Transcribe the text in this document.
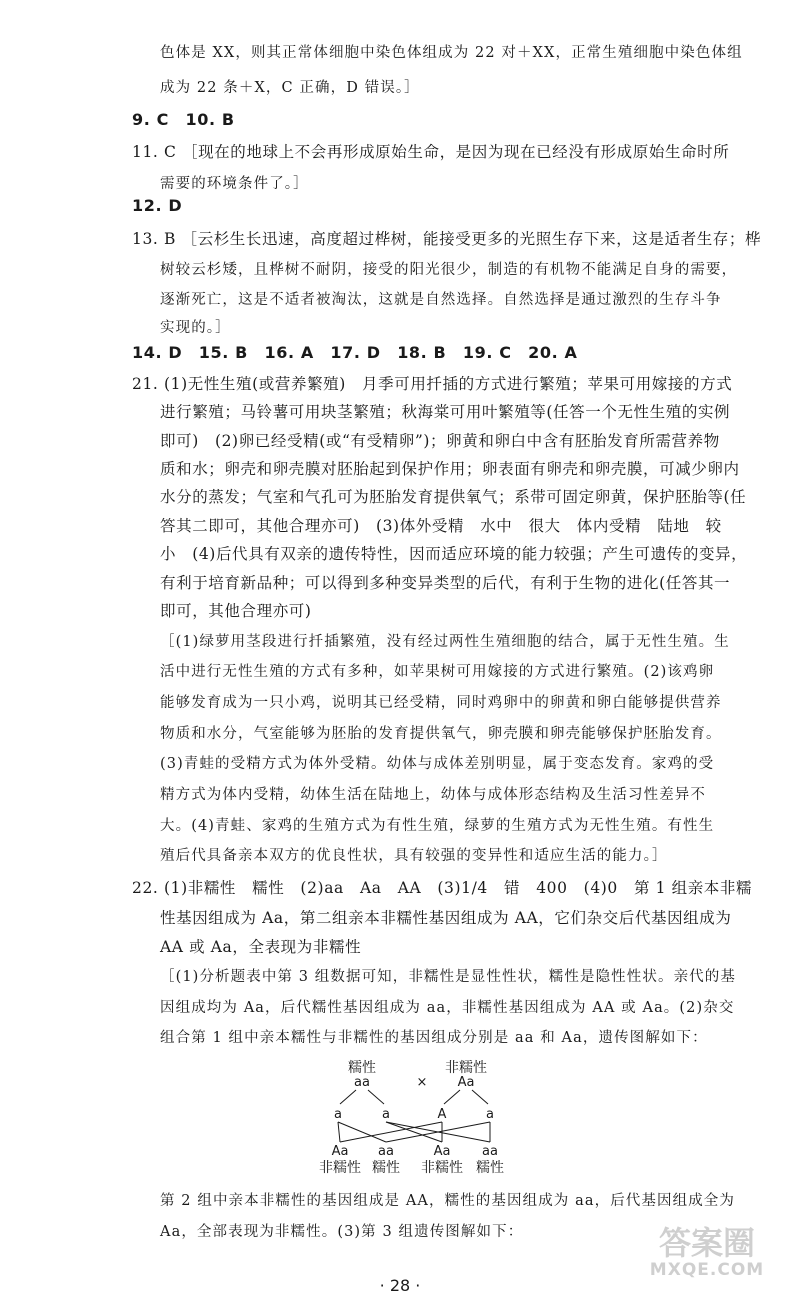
色体是 XX，则其正常体细胞中染色体组成为 22 对＋XX，正常生殖细胞中染色体组
成为 22 条＋X，C 正确，D 错误。］
9. C　10. B
11. C ［现在的地球上不会再形成原始生命，是因为现在已经没有形成原始生命时所
需要的环境条件了。］
12. D
13. B ［云杉生长迅速，高度超过桦树，能接受更多的光照生存下来，这是适者生存；桦
树较云杉矮，且桦树不耐阴，接受的阳光很少，制造的有机物不能满足自身的需要，
逐渐死亡，这是不适者被淘汰，这就是自然选择。自然选择是通过激烈的生存斗争
实现的。］
14. D　15. B　16. A　17. D　18. B　19. C　20. A
21. (1)无性生殖(或营养繁殖)　月季可用扦插的方式进行繁殖；苹果可用嫁接的方式
进行繁殖；马铃薯可用块茎繁殖；秋海棠可用叶繁殖等(任答一个无性生殖的实例
即可)　(2)卵已经受精(或“有受精卵”)；卵黄和卵白中含有胚胎发育所需营养物
质和水；卵壳和卵壳膜对胚胎起到保护作用；卵表面有卵壳和卵壳膜，可减少卵内
水分的蒸发；气室和气孔可为胚胎发育提供氧气；系带可固定卵黄，保护胚胎等(任
答其二即可，其他合理亦可)　(3)体外受精　水中　很大　体内受精　陆地　较
小　(4)后代具有双亲的遗传特性，因而适应环境的能力较强；产生可遗传的变异，
有利于培育新品种；可以得到多种变异类型的后代，有利于生物的进化(任答其一
即可，其他合理亦可)
［(1)绿萝用茎段进行扦插繁殖，没有经过两性生殖细胞的结合，属于无性生殖。生
活中进行无性生殖的方式有多种，如苹果树可用嫁接的方式进行繁殖。(2)该鸡卵
能够发育成为一只小鸡，说明其已经受精，同时鸡卵中的卵黄和卵白能够提供营养
物质和水分，气室能够为胚胎的发育提供氧气，卵壳膜和卵壳能够保护胚胎发育。
(3)青蛙的受精方式为体外受精。幼体与成体差别明显，属于变态发育。家鸡的受
精方式为体内受精，幼体生活在陆地上，幼体与成体形态结构及生活习性差异不
大。(4)青蛙、家鸡的生殖方式为有性生殖，绿萝的生殖方式为无性生殖。有性生
殖后代具备亲本双方的优良性状，具有较强的变异性和适应生活的能力。］
22. (1)非糯性　糯性　(2)aa　Aa　AA　(3)1/4　错　400　(4)0　第 1 组亲本非糯
性基因组成为 Aa，第二组亲本非糯性基因组成为 AA，它们杂交后代基因组成为
AA 或 Aa，全表现为非糯性
［(1)分析题表中第 3 组数据可知，非糯性是显性性状，糯性是隐性性状。亲代的基
因组成均为 Aa，后代糯性基因组成为 aa，非糯性基因组成为 AA 或 Aa。(2)杂交
组合第 1 组中亲本糯性与非糯性的基因组成分别是 aa 和 Aa，遗传图解如下：
糯性
aa	×
非糯性
Aa
a	a	A	a
Aa aa	Aa aa
非糯性 糯性 非糯性 糯性
第 2 组中亲本非糯性的基因组成是 AA，糯性的基因组成为 aa，后代基因组成全为
Aa，全部表现为非糯性。(3)第 3 组遗传图解如下：
· 28 ·
答案圈
MXQE.COM
